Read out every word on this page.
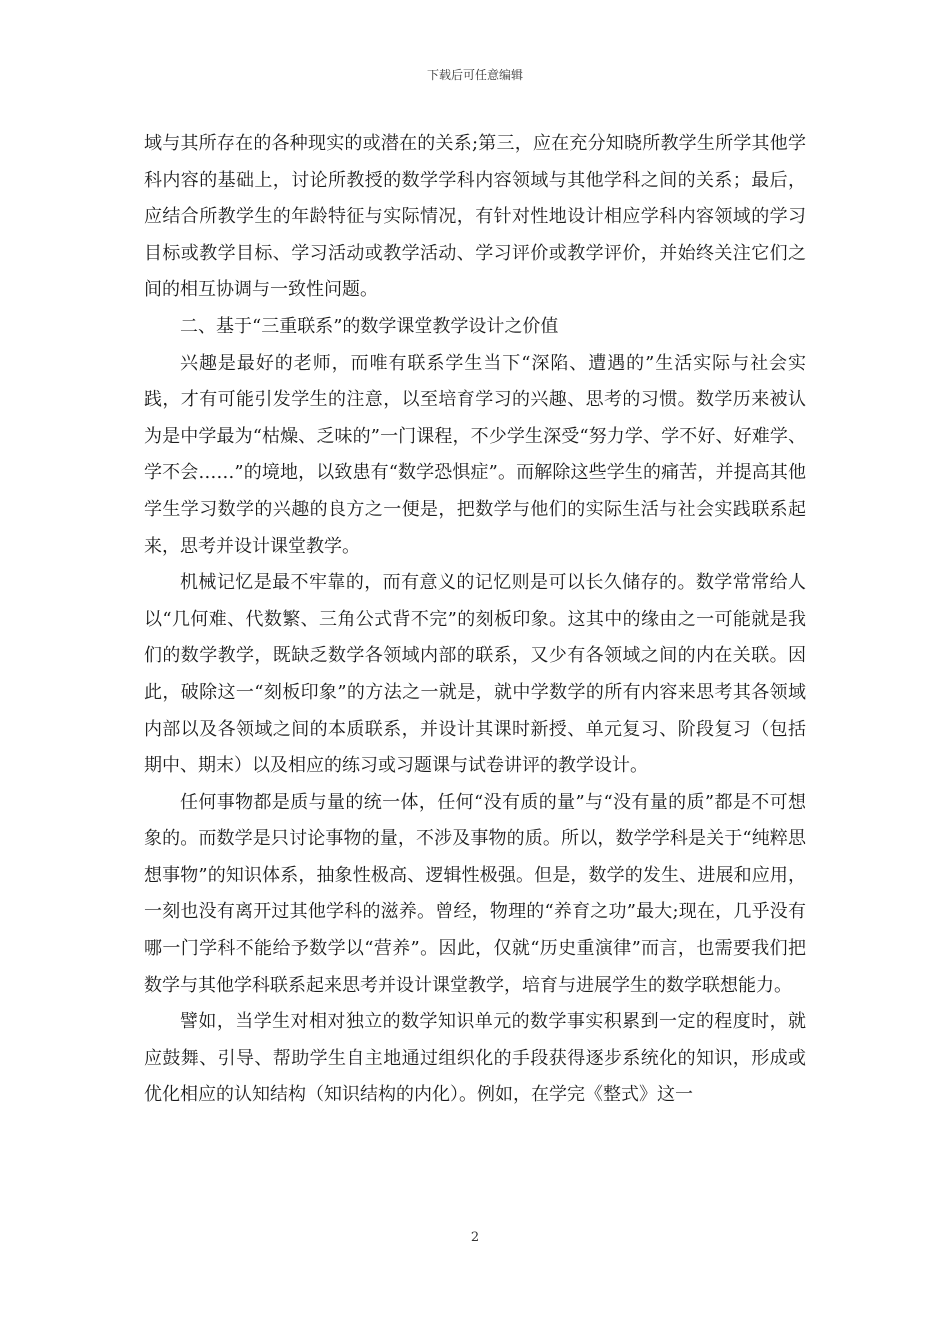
下载后可任意编辑

域与其所存在的各种现实的或潜在的关系;第三，应在充分知晓所教学生所学其他学科内容的基础上，讨论所教授的数学学科内容领域与其他学科之间的关系；最后，应结合所教学生的年龄特征与实际情况，有针对性地设计相应学科内容领域的学习目标或教学目标、学习活动或教学活动、学习评价或教学评价，并始终关注它们之间的相互协调与一致性问题。

二、基于“三重联系”的数学课堂教学设计之价值

兴趣是最好的老师，而唯有联系学生当下“深陷、遭遇的”生活实际与社会实践，才有可能引发学生的注意，以至培育学习的兴趣、思考的习惯。数学历来被认为是中学最为“枯燥、乏味的”一门课程，不少学生深受“努力学、学不好、好难学、学不会……”的境地，以致患有“数学恐惧症”。而解除这些学生的痛苦，并提高其他学生学习数学的兴趣的良方之一便是，把数学与他们的实际生活与社会实践联系起来，思考并设计课堂教学。

机械记忆是最不牢靠的，而有意义的记忆则是可以长久储存的。数学常常给人以“几何难、代数繁、三角公式背不完”的刻板印象。这其中的缘由之一可能就是我们的数学教学，既缺乏数学各领域内部的联系，又少有各领域之间的内在关联。因此，破除这一“刻板印象”的方法之一就是，就中学数学的所有内容来思考其各领域内部以及各领域之间的本质联系，并设计其课时新授、单元复习、阶段复习（包括期中、期末）以及相应的练习或习题课与试卷讲评的教学设计。

任何事物都是质与量的统一体，任何“没有质的量”与“没有量的质”都是不可想象的。而数学是只讨论事物的量，不涉及事物的质。所以，数学学科是关于“纯粹思想事物”的知识体系，抽象性极高、逻辑性极强。但是，数学的发生、进展和应用，一刻也没有离开过其他学科的滋养。曾经，物理的“养育之功”最大;现在，几乎没有哪一门学科不能给予数学以“营养”。因此，仅就“历史重演律”而言，也需要我们把数学与其他学科联系起来思考并设计课堂教学，培育与进展学生的数学联想能力。

譬如，当学生对相对独立的数学知识单元的数学事实积累到一定的程度时，就应鼓舞、引导、帮助学生自主地通过组织化的手段获得逐步系统化的知识，形成或优化相应的认知结构（知识结构的内化）。例如，在学完《整式》这一

2
